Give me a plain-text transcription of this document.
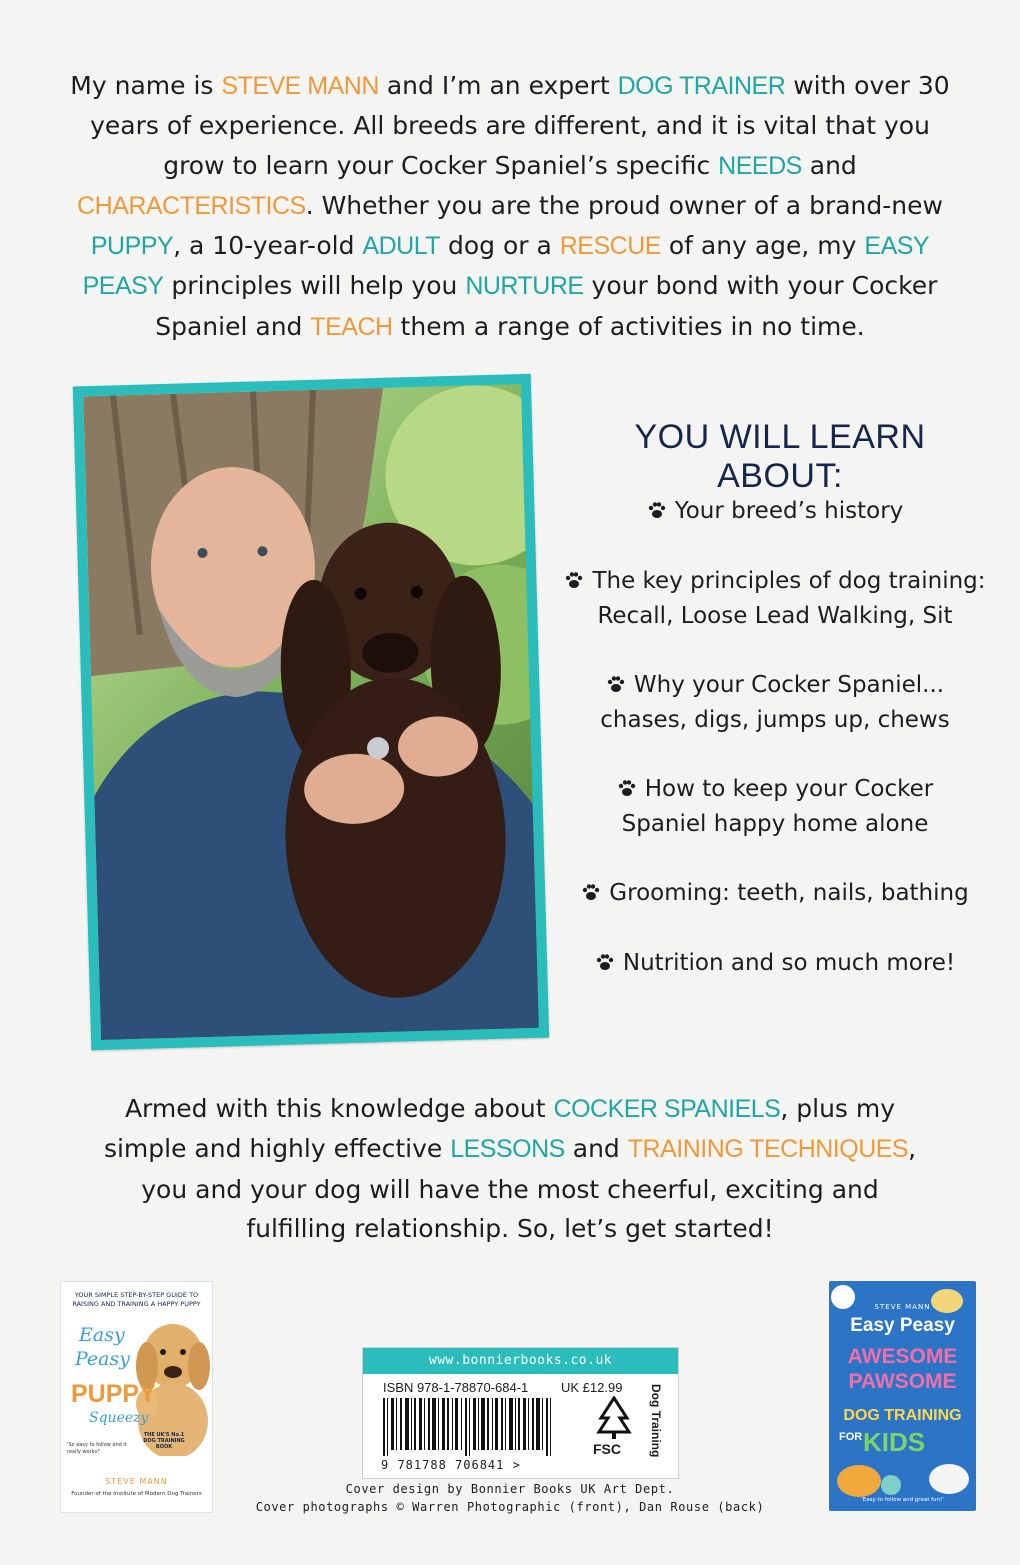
My name is STEVE MANN and I’m an expert DOG TRAINER with over 30 years of experience. All breeds are different, and it is vital that you grow to learn your Cocker Spaniel’s specific NEEDS and CHARACTERISTICS. Whether you are the proud owner of a brand-new PUPPY, a 10-year-old ADULT dog or a RESCUE of any age, my EASY PEASY principles will help you NURTURE your bond with your Cocker Spaniel and TEACH them a range of activities in no time.
YOU WILL LEARN ABOUT:
Your breed’s history
The key principles of dog training:
Recall, Loose Lead Walking, Sit
Why your Cocker Spaniel...
chases, digs, jumps up, chews
How to keep your Cocker
Spaniel happy home alone
Grooming: teeth, nails, bathing
Nutrition and so much more!
Armed with this knowledge about COCKER SPANIELS, plus my simple and highly effective LESSONS and TRAINING TECHNIQUES, you and your dog will have the most cheerful, exciting and fulfilling relationship. So, let’s get started!
YOUR SIMPLE STEP-BY-STEP GUIDE TO RAISING AND TRAINING A HAPPY PUPPY
Easy
Peasy
PUPPY
Squeezy
'So easy to follow and it really works!'
THE UK'S No.1 DOG TRAINING BOOK
STEVE MANN
Founder of the Institute of Modern Dog Trainers
www.bonnierbooks.co.uk
ISBN 978-1-78870-684-1	UK £12.99
9 781788 706841 >
FSC Dog Training
STEVE MANN
Easy Peasy
AWESOME
PAWSOME
DOG TRAINING
FOR KIDS
'Easy to follow and great fun!'
Cover design by Bonnier Books UK Art Dept.
Cover photographs © Warren Photographic (front), Dan Rouse (back)
